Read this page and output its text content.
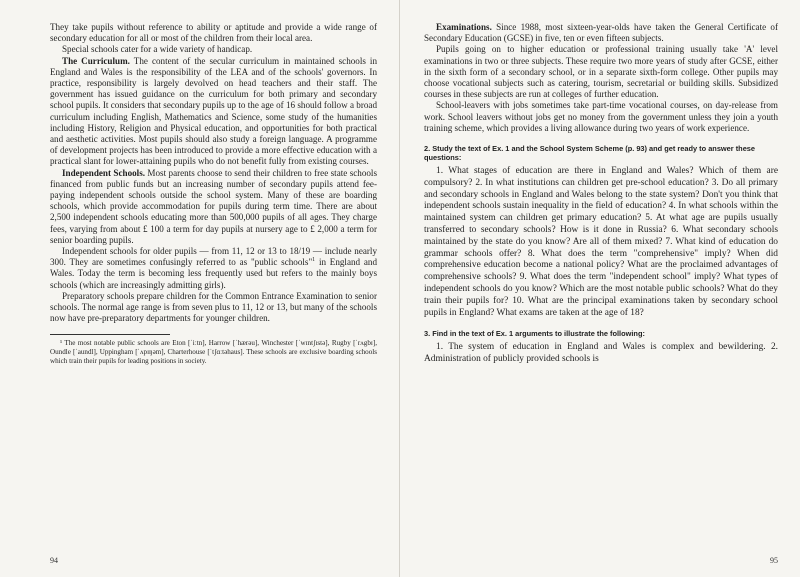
They take pupils without reference to ability or aptitude and provide a wide range of secondary education for all or most of the children from their local area.

Special schools cater for a wide variety of handicap.

The Curriculum. The content of the secular curriculum in maintained schools in England and Wales is the responsibility of the LEA and of the schools' governors. In practice, responsibility is largely devolved on head teachers and their staff. The government has issued guidance on the curriculum for both primary and secondary school pupils. It considers that secondary pupils up to the age of 16 should follow a broad curriculum including English, Mathematics and Science, some study of the humanities including History, Religion and Physical education, and opportunities for both practical and aesthetic activities. Most pupils should also study a foreign language. A programme of development projects has been introduced to provide a more effective education with a practical slant for lower-attaining pupils who do not benefit fully from existing courses.

Independent Schools. Most parents choose to send their children to free state schools financed from public funds but an increasing number of secondary pupils attend fee-paying independent schools outside the school system. Many of these are boarding schools, which provide accommodation for pupils during term time. There are about 2,500 independent schools educating more than 500,000 pupils of all ages. They charge fees, varying from about £ 100 a term for day pupils at nursery age to £ 2,000 a term for senior boarding pupils.

Independent schools for older pupils — from 11, 12 or 13 to 18/19 — include nearly 300. They are sometimes confusingly referred to as "public schools"$^1$ in England and Wales. Today the term is becoming less frequently used but refers to the mainly boys schools (which are increasingly admitting girls).

Preparatory schools prepare children for the Common Entrance Examination to senior schools. The normal age range is from seven plus to 11, 12 or 13, but many of the schools now have pre-preparatory departments for younger children.

¹ The most notable public schools are Eton [ˈiːtn], Harrow [ˈhærəu], Winchester [ˈwɪntʃɪstə], Rugby [ˈrʌgbɪ], Oundle [ˈaundl], Uppingham [ˈʌpɪŋəm], Charterhouse [ˈtʃɑːtəhaus]. These schools are exclusive boarding schools which train their pupils for leading positions in society.

94

Examinations. Since 1988, most sixteen-year-olds have taken the General Certificate of Secondary Education (GCSE) in five, ten or even fifteen subjects.

Pupils going on to higher education or professional training usually take 'A' level examinations in two or three subjects. These require two more years of study after GCSE, either in the sixth form of a secondary school, or in a separate sixth-form college. Other pupils may choose vocational subjects such as catering, tourism, secretarial or building skills. Subsidized courses in these subjects are run at colleges of further education.

School-leavers with jobs sometimes take part-time vocational courses, on day-release from work. School leavers without jobs get no money from the government unless they join a youth training scheme, which provides a living allowance during two years of work experience.

2. Study the text of Ex. 1 and the School System Scheme (p. 93) and get ready to answer these questions:

1. What stages of education are there in England and Wales? Which of them are compulsory? 2. In what institutions can children get pre-school education? 3. Do all primary and secondary schools in England and Wales belong to the state system? Don't you think that independent schools sustain inequality in the field of education? 4. In what schools within the maintained system can children get primary education? 5. At what age are pupils usually transferred to secondary schools? How is it done in Russia? 6. What secondary schools maintained by the state do you know? Are all of them mixed? 7. What kind of education do grammar schools offer? 8. What does the term "comprehensive" imply? When did comprehensive education become a national policy? What are the proclaimed advantages of comprehensive schools? 9. What does the term "independent school" imply? What types of independent schools do you know? Which are the most notable public schools? What do they train their pupils for? 10. What are the principal examinations taken by secondary school pupils in England? What exams are taken at the age of 18?

3. Find in the text of Ex. 1 arguments to illustrate the following:

1. The system of education in England and Wales is complex and bewildering. 2. Administration of publicly provided schools is

95
